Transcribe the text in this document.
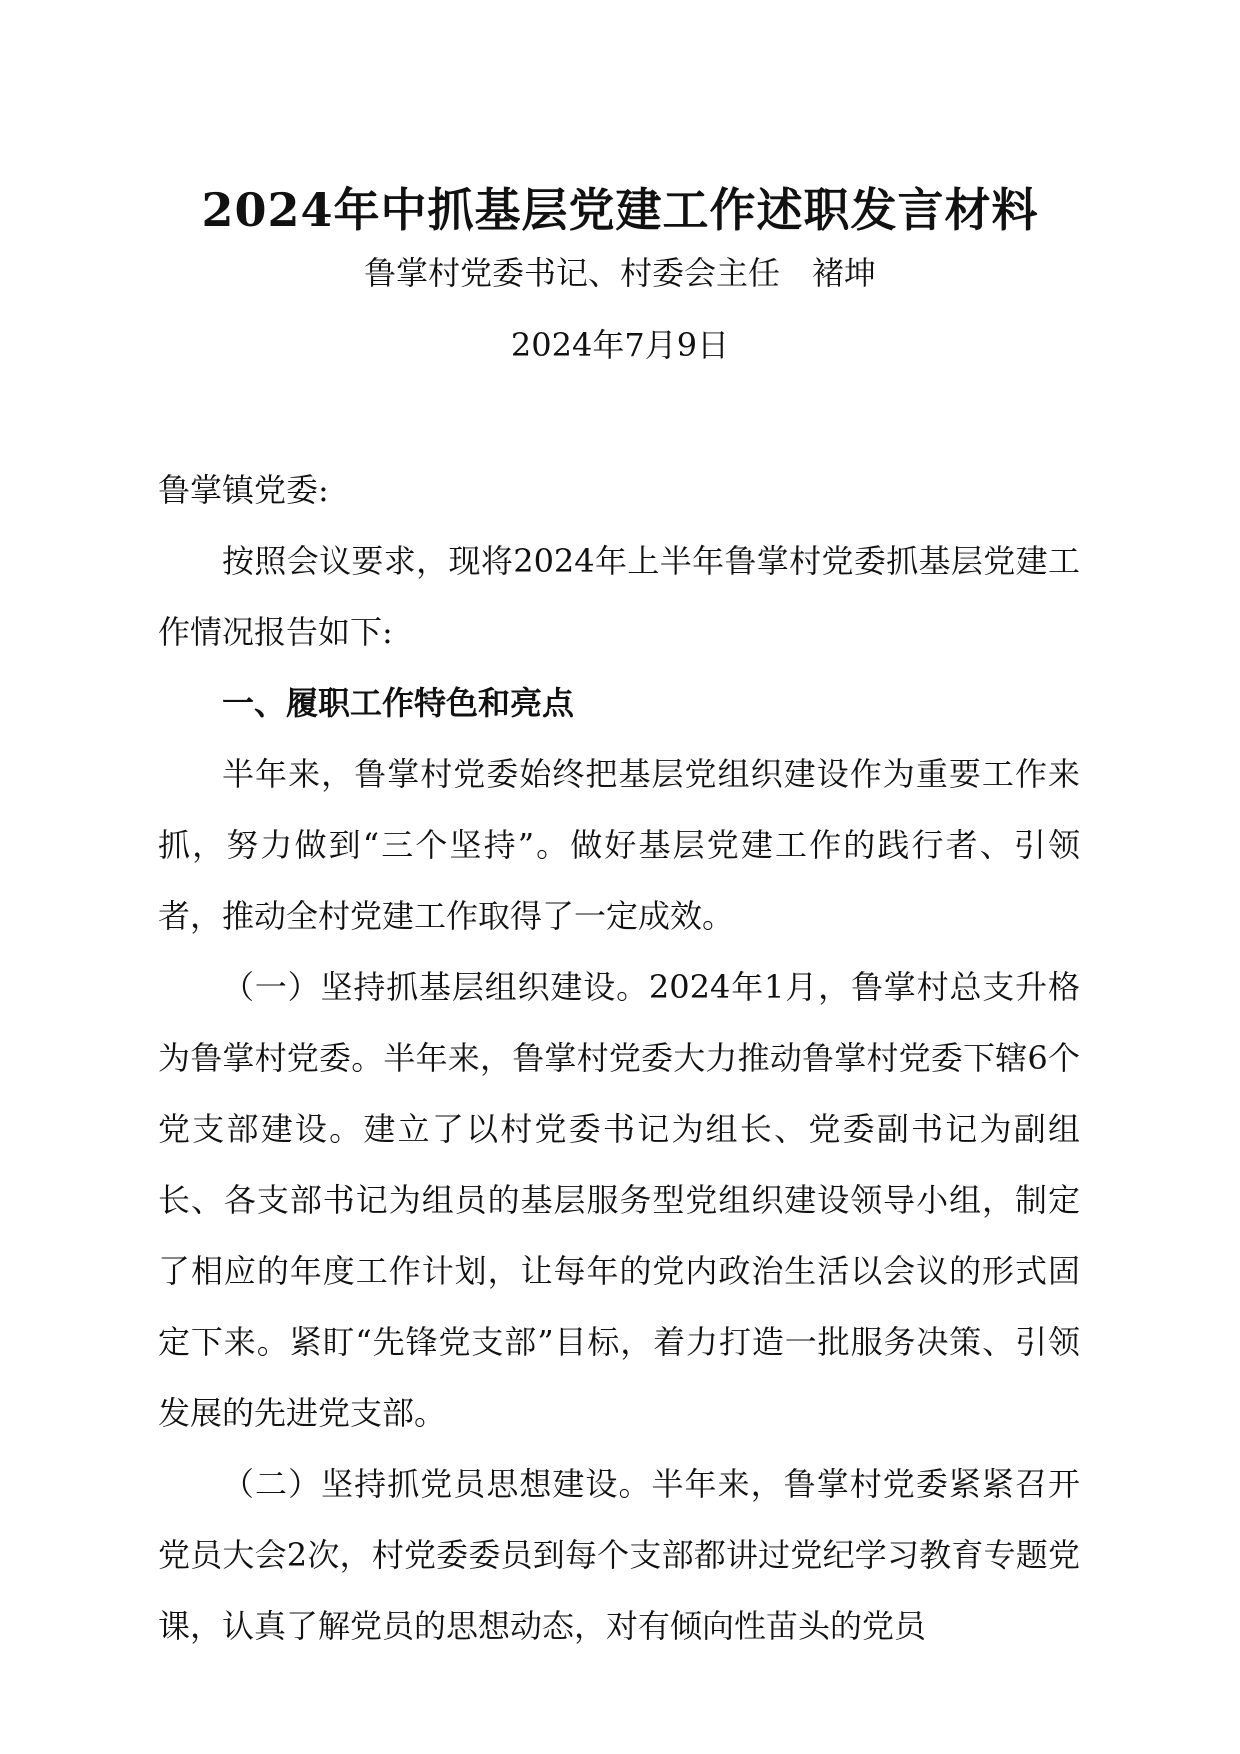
2024年中抓基层党建工作述职发言材料
鲁掌村党委书记、村委会主任　褚坤
2024年7月9日

鲁掌镇党委:

按照会议要求，现将2024年上半年鲁掌村党委抓基层党建工作情况报告如下:

一、履职工作特色和亮点

半年来，鲁掌村党委始终把基层党组织建设作为重要工作来抓，努力做到“三个坚持”。做好基层党建工作的践行者、引领者，推动全村党建工作取得了一定成效。

（一）坚持抓基层组织建设。2024年1月，鲁掌村总支升格为鲁掌村党委。半年来，鲁掌村党委大力推动鲁掌村党委下辖6个党支部建设。建立了以村党委书记为组长、党委副书记为副组长、各支部书记为组员的基层服务型党组织建设领导小组，制定了相应的年度工作计划，让每年的党内政治生活以会议的形式固定下来。紧盯“先锋党支部”目标，着力打造一批服务决策、引领发展的先进党支部。

（二）坚持抓党员思想建设。半年来，鲁掌村党委紧紧召开党员大会2次，村党委委员到每个支部都讲过党纪学习教育专题党课，认真了解党员的思想动态，对有倾向性苗头的党员
